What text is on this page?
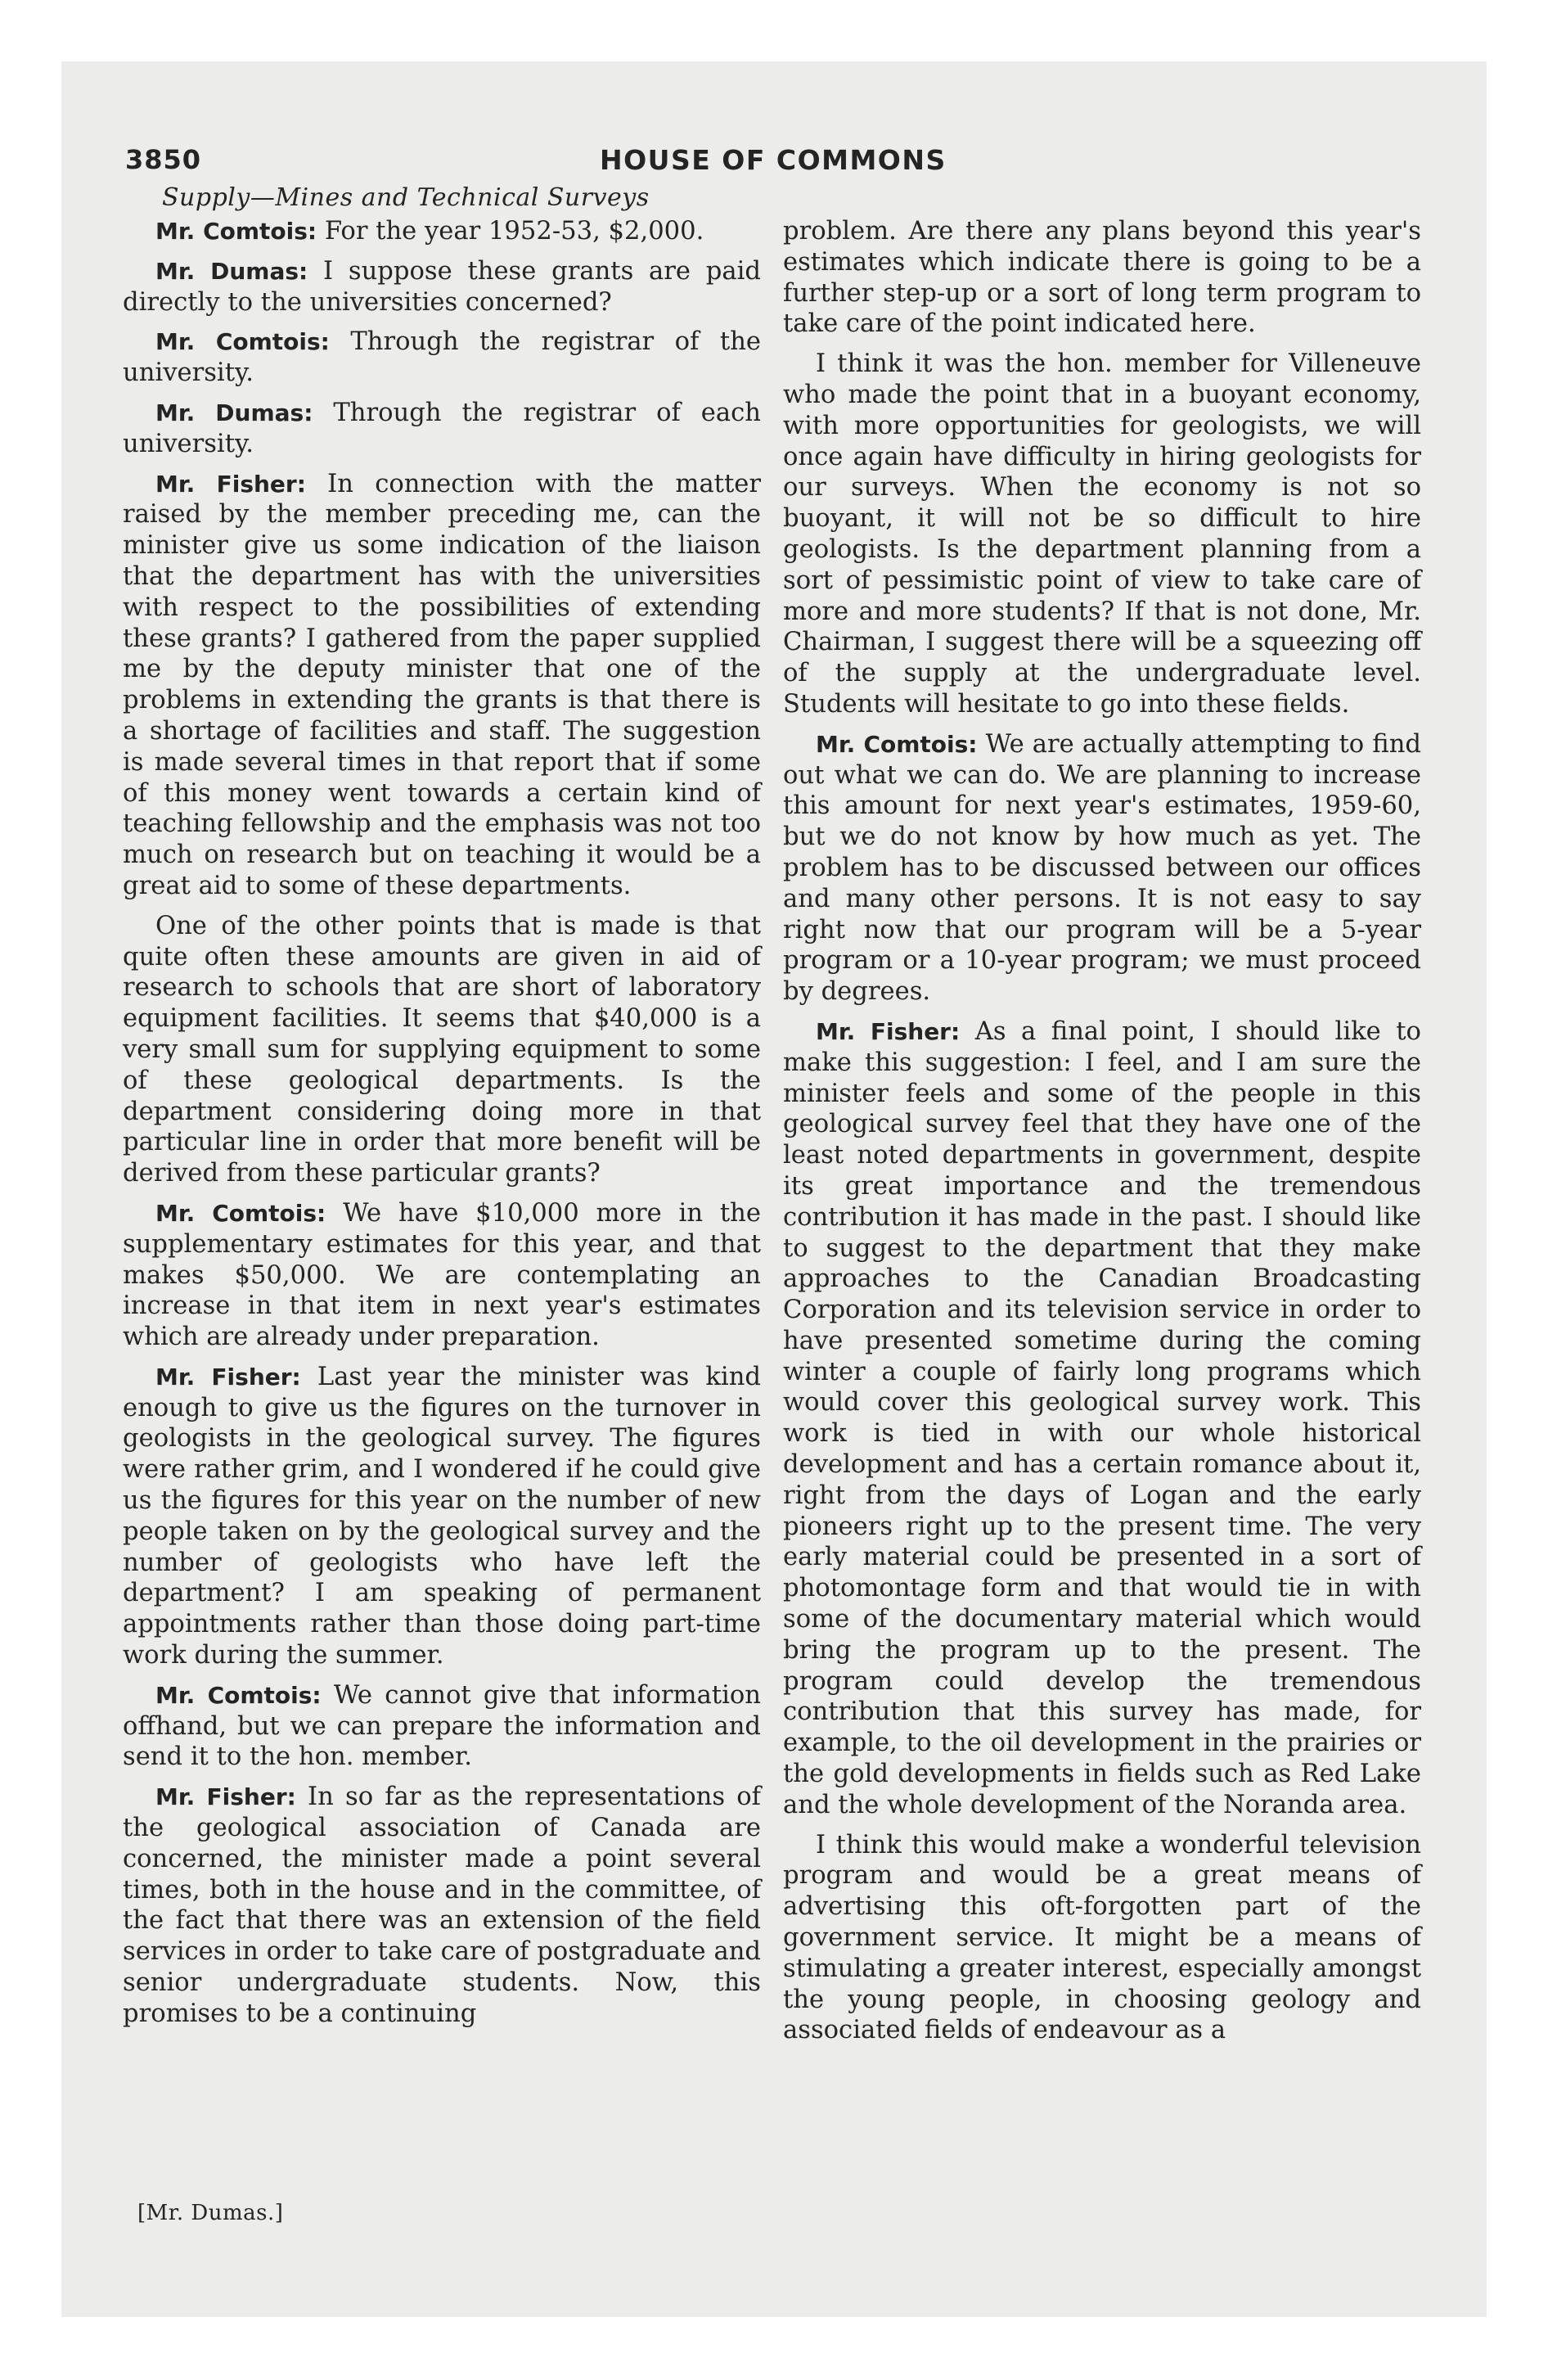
3850	HOUSE OF COMMONS
Supply—Mines and Technical Surveys

Mr. Comtois: For the year 1952-53, $2,000.

Mr. Dumas: I suppose these grants are paid directly to the universities concerned?

Mr. Comtois: Through the registrar of the university.

Mr. Dumas: Through the registrar of each university.

Mr. Fisher: In connection with the matter raised by the member preceding me, can the minister give us some indication of the liaison that the department has with the universities with respect to the possibilities of extending these grants? I gathered from the paper supplied me by the deputy minister that one of the problems in extending the grants is that there is a shortage of facilities and staff. The suggestion is made several times in that report that if some of this money went towards a certain kind of teaching fellowship and the emphasis was not too much on research but on teaching it would be a great aid to some of these departments.

One of the other points that is made is that quite often these amounts are given in aid of research to schools that are short of laboratory equipment facilities. It seems that $40,000 is a very small sum for supplying equipment to some of these geological departments. Is the department considering doing more in that particular line in order that more benefit will be derived from these particular grants?

Mr. Comtois: We have $10,000 more in the supplementary estimates for this year, and that makes $50,000. We are contemplating an increase in that item in next year's estimates which are already under preparation.

Mr. Fisher: Last year the minister was kind enough to give us the figures on the turnover in geologists in the geological survey. The figures were rather grim, and I wondered if he could give us the figures for this year on the number of new people taken on by the geological survey and the number of geologists who have left the department? I am speaking of permanent appointments rather than those doing part-time work during the summer.

Mr. Comtois: We cannot give that information offhand, but we can prepare the information and send it to the hon. member.

Mr. Fisher: In so far as the representations of the geological association of Canada are concerned, the minister made a point several times, both in the house and in the committee, of the fact that there was an extension of the field services in order to take care of postgraduate and senior undergraduate students. Now, this promises to be a continuing

problem. Are there any plans beyond this year's estimates which indicate there is going to be a further step-up or a sort of long term program to take care of the point indicated here.

I think it was the hon. member for Villeneuve who made the point that in a buoyant economy, with more opportunities for geologists, we will once again have difficulty in hiring geologists for our surveys. When the economy is not so buoyant, it will not be so difficult to hire geologists. Is the department planning from a sort of pessimistic point of view to take care of more and more students? If that is not done, Mr. Chairman, I suggest there will be a squeezing off of the supply at the undergraduate level. Students will hesitate to go into these fields.

Mr. Comtois: We are actually attempting to find out what we can do. We are planning to increase this amount for next year's estimates, 1959-60, but we do not know by how much as yet. The problem has to be discussed between our offices and many other persons. It is not easy to say right now that our program will be a 5-year program or a 10-year program; we must proceed by degrees.

Mr. Fisher: As a final point, I should like to make this suggestion: I feel, and I am sure the minister feels and some of the people in this geological survey feel that they have one of the least noted departments in government, despite its great importance and the tremendous contribution it has made in the past. I should like to suggest to the department that they make approaches to the Canadian Broadcasting Corporation and its television service in order to have presented sometime during the coming winter a couple of fairly long programs which would cover this geological survey work. This work is tied in with our whole historical development and has a certain romance about it, right from the days of Logan and the early pioneers right up to the present time. The very early material could be presented in a sort of photomontage form and that would tie in with some of the documentary material which would bring the program up to the present. The program could develop the tremendous contribution that this survey has made, for example, to the oil development in the prairies or the gold developments in fields such as Red Lake and the whole development of the Noranda area.

I think this would make a wonderful television program and would be a great means of advertising this oft-forgotten part of the government service. It might be a means of stimulating a greater interest, especially amongst the young people, in choosing geology and associated fields of endeavour as a

[Mr. Dumas.]
